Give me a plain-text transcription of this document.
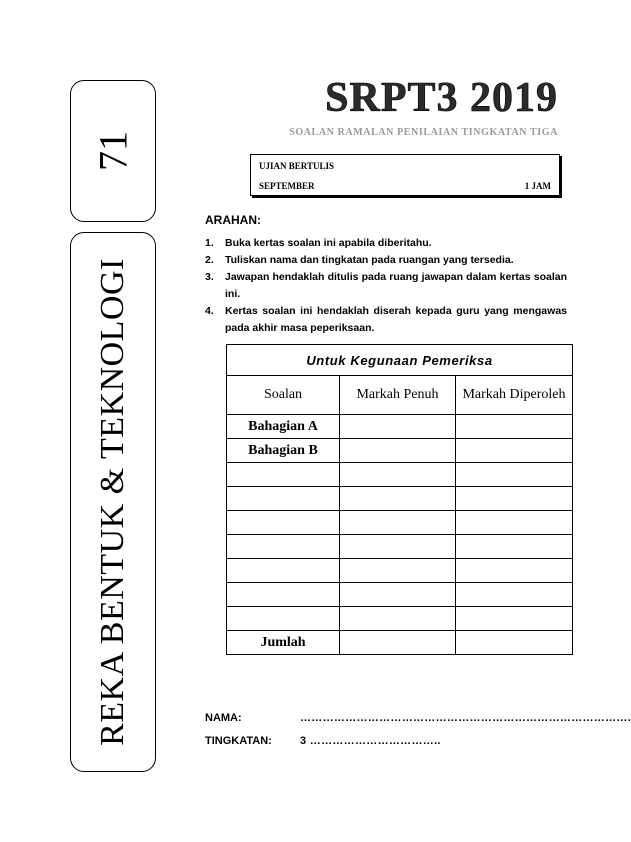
71
REKA BENTUK & TEKNOLOGI
SRPT3 2019
SOALAN RAMALAN PENILAIAN TINGKATAN TIGA
UJIAN BERTULIS
SEPTEMBER	1 JAM
ARAHAN:
1. Buka kertas soalan ini apabila diberitahu.
2. Tuliskan nama dan tingkatan pada ruangan yang tersedia.
3. Jawapan hendaklah ditulis pada ruang jawapan dalam kertas soalan ini.
4. Kertas soalan ini hendaklah diserah kepada guru yang mengawas pada akhir masa peperiksaan.
Untuk Kegunaan Pemeriksa		
Soalan	Markah Penuh	Markah Diperoleh
Bahagian A		
Bahagian B		

Jumlah		
NAMA:	…………………………………………………………………………….
TINGKATAN:	3 ……………………………..
